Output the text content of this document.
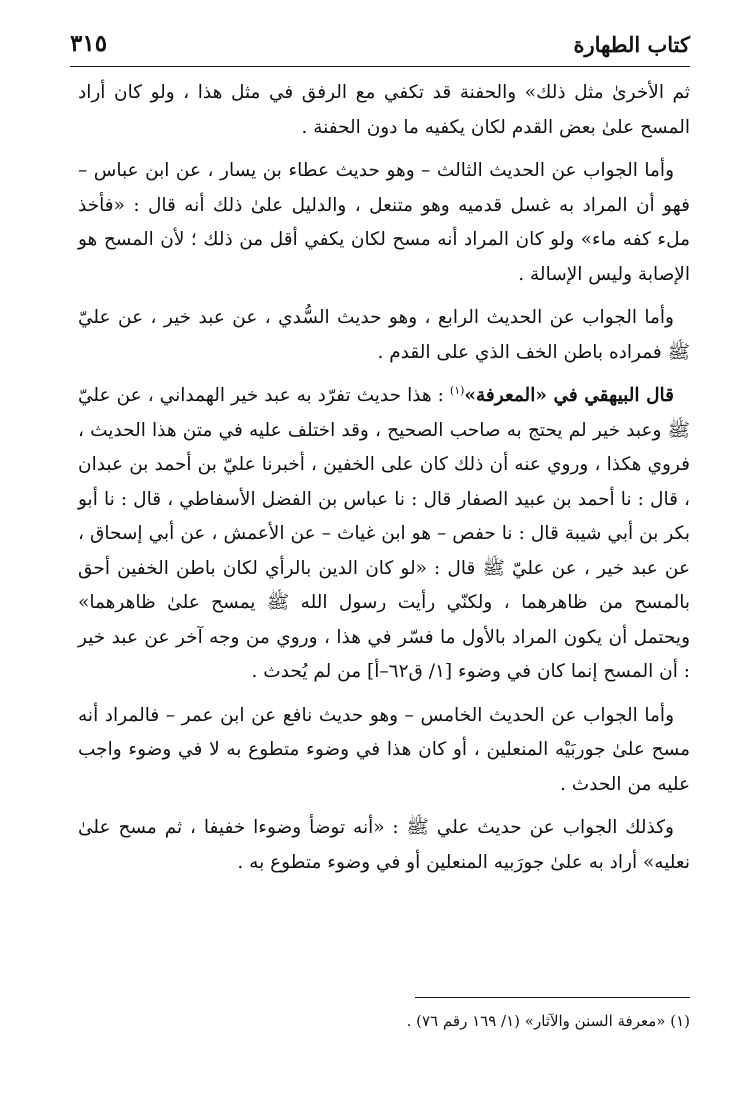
كتاب الطهارة
٣١٥

ثم الأخرىٰ مثل ذلك» والحفنة قد تكفي مع الرفق في مثل هذا ، ولو كان أراد المسح علىٰ بعض القدم لكان يكفيه ما دون الحفنة .

وأما الجواب عن الحديث الثالث – وهو حديث عطاء بن يسار ، عن ابن عباس – فهو أن المراد به غسل قدميه وهو متنعل ، والدليل علىٰ ذلك أنه قال : «فأخذ ملء كفه ماء» ولو كان المراد أنه مسح لكان يكفي أقل من ذلك ؛ لأن المسح هو الإصابة وليس الإسالة .

وأما الجواب عن الحديث الرابع ، وهو حديث السُّدي ، عن عبد خير ، عن عليّ ﷺ فمراده باطن الخف الذي على القدم .

قال البيهقي في «المعرفة»$^{(١)}$ : هذا حديث تفرّد به عبد خير الهمداني ، عن عليّ ﷺ وعبد خير لم يحتج به صاحب الصحيح ، وقد اختلف عليه في متن هذا الحديث ، فروي هكذا ، وروي عنه أن ذلك كان على الخفين ، أخبرنا عليّ بن أحمد بن عبدان ، قال : نا أحمد بن عبيد الصفار قال : نا عباس بن الفضل الأسفاطي ، قال : نا أبو بكر بن أبي شيبة قال : نا حفص – هو ابن غياث – عن الأعمش ، عن أبي إسحاق ، عن عبد خير ، عن عليّ ﷺ قال : «لو كان الدين بالرأي لكان باطن الخفين أحق بالمسح من ظاهرهما ، ولكنّي رأيت رسول الله ﷺ يمسح علىٰ ظاهرهما» ويحتمل أن يكون المراد بالأول ما فسّر في هذا ، وروي من وجه آخر عن عبد خير : أن المسح إنما كان في وضوء [١/ ق٦٢–أ] من لم يُحدث .

وأما الجواب عن الحديث الخامس – وهو حديث نافع عن ابن عمر – فالمراد أنه مسح علىٰ جوربَيْه المنعلين ، أو كان هذا في وضوء متطوع به لا في وضوء واجب عليه من الحدث .

وكذلك الجواب عن حديث علي ﷺ : «أنه توضأ وضوءا خفيفا ، ثم مسح علىٰ نعليه» أراد به علىٰ جورَبيه المنعلين أو في وضوء متطوع به .

(١) «معرفة السنن والآثار» (١/ ١٦٩ رقم ٧٦) .
